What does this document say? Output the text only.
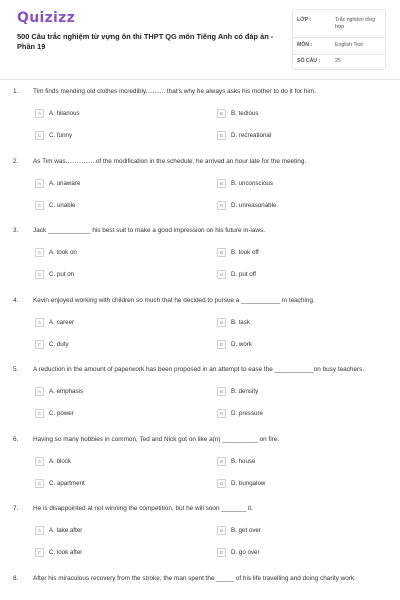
Quizizz
500 Câu trắc nghiệm từ vựng ôn thi THPT QG môn Tiếng Anh có đáp án - Phần 19
LỚP :	Trắc nghiệm tổng hợp
MÔN :	English Test
SỐ CÂU :	25
1. Tim finds mending old clothes incredibly........... that's why he always asks his mother to do it for him.
A	A. hilarious	B	B. tedious
C	C. funny	D	D. recreational
2. As Tim was.................of the modification in the schedule, he arrived an hour late for the meeting.
A	A. unaware	B	B. unconscious
C	C. unable	D	D. unreasonable
3. Jack ____________ his best suit to make a good impression on his future in-laws.
A	A. took on	B	B. took off
C	C. put on	D	D. put off
4. Kevin enjoyed working with children so much that he decided to pursue a ___________ in teaching.
A	A. career	B	B. task
C	C. duty	D	D. work
5. A reduction in the amount of paperwork has been proposed in an attempt to ease the ___________on busy teachers.
A	A. emphasis	B	B. density
C	C. power	D	D. pressure
6. Having so many hobbies in common, Ted and Nick got on like a(n) __________ on fire.
A	A. block	B	B. house
C	C. apartment	D	D. bungalow
7. He is disappointed at not winning the competition, but he will soon _______ it.
A	A. take after	B	B. get over
C	C. look after	D	D. go over
8. After his miraculous recovery from the stroke, the man spent the _____ of his life travelling and doing charity work.
